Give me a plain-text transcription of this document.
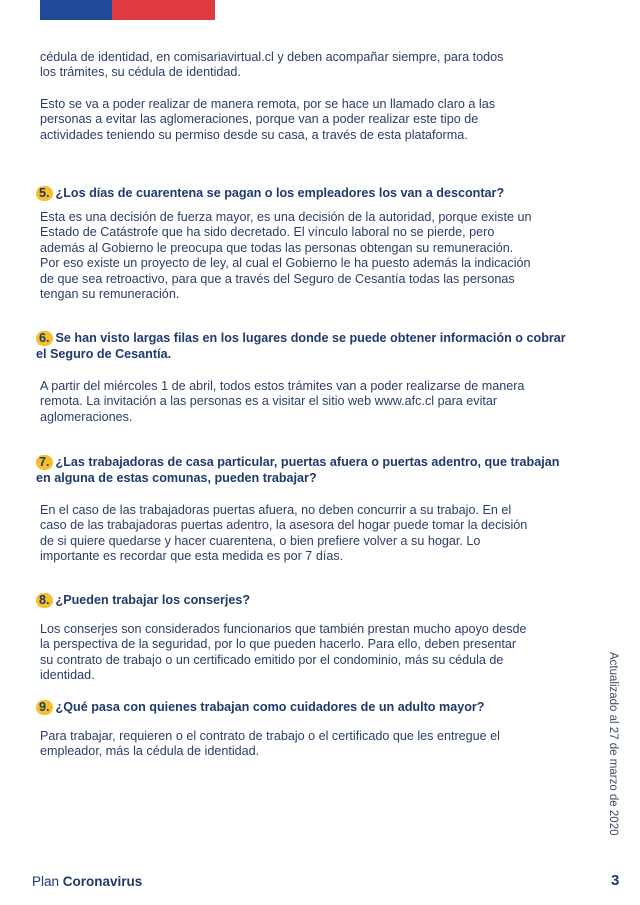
cédula de identidad, en comisariavirtual.cl y deben acompañar siempre, para todos
los trámites, su cédula de identidad.
Esto se va a poder realizar de manera remota, por se hace un llamado claro a las
personas a evitar las aglomeraciones, porque van a poder realizar este tipo de
actividades teniendo su permiso desde su casa, a través de esta plataforma.
5. ¿Los días de cuarentena se pagan o los empleadores los van a descontar?
Esta es una decisión de fuerza mayor, es una decisión de la autoridad, porque existe un
Estado de Catástrofe que ha sido decretado. El vínculo laboral no se pierde, pero
además al Gobierno le preocupa que todas las personas obtengan su remuneración.
Por eso existe un proyecto de ley, al cual el Gobierno le ha puesto además la indicación
de que sea retroactivo, para que a través del Seguro de Cesantía todas las personas
tengan su remuneración.
6. Se han visto largas filas en los lugares donde se puede obtener información o cobrar el Seguro de Cesantía.
A partir del miércoles 1 de abril, todos estos trámites van a poder realizarse de manera
remota. La invitación a las personas es a visitar el sitio web www.afc.cl para evitar
aglomeraciones.
7. ¿Las trabajadoras de casa particular, puertas afuera o puertas adentro, que trabajan en alguna de estas comunas, pueden trabajar?
En el caso de las trabajadoras puertas afuera, no deben concurrir a su trabajo. En el
caso de las trabajadoras puertas adentro, la asesora del hogar puede tomar la decisión
de si quiere quedarse y hacer cuarentena, o bien prefiere volver a su hogar. Lo
importante es recordar que esta medida es por 7 días.
8. ¿Pueden trabajar los conserjes?
Los conserjes son considerados funcionarios que también prestan mucho apoyo desde
la perspectiva de la seguridad, por lo que pueden hacerlo. Para ello, deben presentar
su contrato de trabajo o un certificado emitido por el condominio, más su cédula de
identidad.
9. ¿Qué pasa con quienes trabajan como cuidadores de un adulto mayor?
Para trabajar, requieren o el contrato de trabajo o el certificado que les entregue el
empleador, más la cédula de identidad.	Actualizado al 27 de marzo de 2020
Plan Coronavirus	3
